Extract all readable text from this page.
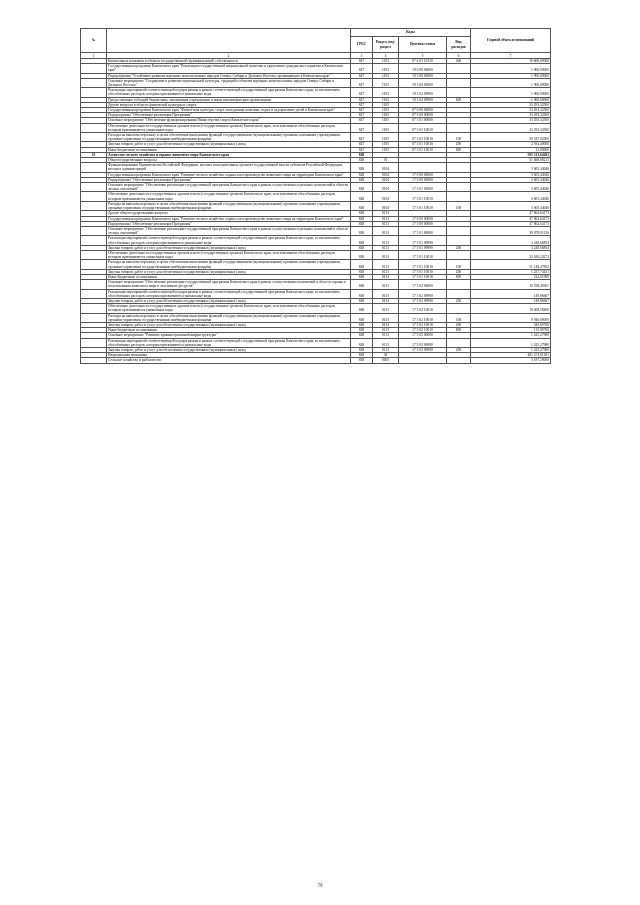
№		Коды				Годовой объем ассигнований
		ГРБС	Раздел, под-раздел	Целевая статья	Вид расходов	
1	2	3	4	5	6	7
	Капитальные вложения в объекты государственной (муниципальной) собственности	847	1103	07 4 03 10150	400	16 600,00000
	Государственная программа Камчатского края "Реализация государственной национальной политики и укрепление гражданского единства в Камчатском крае"	847	1103	19 0 00 00000		1 900,00000
	Подпрограмма "Устойчивое развитие коренных малочисленных народов Севера, Сибири и Дальнего Востока, проживающих в Камчатском крае"	847	1103	19 3 00 00000		1 900,00000
	Основное мероприятие "Сохранение и развитие национальной культуры, традиций и обычаев коренных малочисленных народов Севера, Сибири и Дальнего Востока"	847	1103	19 3 04 00000		1 900,00000
	Реализация мероприятий соответствующей подпрограммы в рамках соответствующей государственной программы Камчатского края, за исключением обособленных расходов, которым присваиваются уникальные коды	847	1103	19 3 04 09990		1 900,00000
	Предоставление субсидий бюджетным, автономным учреждениям и иным некоммерческим организациям	847	1103	19 3 04 09990	600	1 900,00000
	Другие вопросы в области физической культуры и спорта	847	1105			33 293,32500
	Государственная программа Камчатского края "Физическая культура, спорт, молодежная политика, отдых и оздоровление детей в Камчатском крае"	847	1105	07 0 00 00000		33 293,32500
	Подпрограмма "Обеспечение реализации Программы"	847	1105	07 3 00 00000		33 293,32500
	Основное мероприятие "Обеспечение функционирования Министерства спорта Камчатского края"	847	1105	07 3 01 00000		33 293,32500
	Обеспечение деятельности государственных органов власти (государственных органов) Камчатского края, за исключением обособленных расходов, которым присваиваются уникальные коды	847	1105	07 3 01 10010		33 293,32500
	Расходы на выплаты персоналу в целях обеспечения выполнения функций государственными (муниципальными) органами, казенными учреждениями, органами управления государственными внебюджетными фондами	847	1105	07 3 01 10010	100	30 337,92500
	Закупка товаров, работ и услуг для обеспечения государственных (муниципальных) нужд	847	1105	07 3 01 10010	200	2 934,40000
	Иные бюджетные ассигнования	847	1105	07 3 01 10010	800	21,00000
33	Агентство лесного хозяйства и охраны животного мира Камчатского края	848				595 313,64202
	Общегосударственные вопросы	848	01			51 468,08213
	Функционирование Правительства Российской Федерации, высших исполнительных органов государственной власти субъектов Российской Федерации, местных администраций	848	0104			3 605,44046
	Государственная программа Камчатского края "Развитие лесного хозяйства, охрана и воспроизводство животного мира на территории Камчатского края"	848	0104	17 0 00 00000		3 605,44046
	Подпрограмма "Обеспечение реализации Программы"	848	0104	17 5 00 00000		3 605,44046
	Основное мероприятие "Обеспечение реализации государственной программы Камчатского края в рамках осуществления отдельных полномочий в области лесных отношений"	848	0104	17 5 01 00000		3 605,44046
	Обеспечение деятельности государственных органов власти (государственных органов) Камчатского края, за исключением обособленных расходов, которым присваиваются уникальные коды	848	0104	17 5 01 10010		3 605,44046
	Расходы на выплаты персоналу в целях обеспечения выполнения функций государственными (муниципальными) органами, казенными учреждениями, органами управления государственными внебюджетными фондами	848	0104	17 5 01 10010	100	3 605,44046
	Другие общегосударственные вопросы	848	0113			47 862,64173
	Государственная программа Камчатского края "Развитие лесного хозяйства, охрана и воспроизводство животного мира на территории Камчатского края"	848	0113	17 0 00 00000		47 862,64173
	Подпрограмма "Обеспечение реализации Программы"	848	0113	17 5 00 00000		47 862,64173
	Основное мероприятие "Обеспечение реализации государственной программы Камчатского края в рамках осуществления отдельных полномочий в области лесных отношений"	848	0113	17 5 01 00000		38 878,91126
	Реализация мероприятий соответствующей подпрограммы в рамках соответствующей государственной программы Камчатского края, за исключением обособленных расходов, которым присваиваются уникальные коды	848	0113	17 5 01 09990		3 248,66854
	Закупка товаров, работ и услуг для обеспечения государственных (муниципальных) нужд	848	0113	17 5 01 09990	200	3 248,66854
	Обеспечение деятельности государственных органов власти (государственных органов) Камчатского края, за исключением обособленных расходов, которым присваиваются уникальные коды	848	0113	17 5 01 10010		32 630,24272
	Расходы на выплаты персоналу в целях обеспечения выполнения функций государственными (муниципальными) органами, казенными учреждениями, органами управления государственными внебюджетными фондами	848	0113	17 5 01 10010	100	31 148,47852
	Закупка товаров, работ и услуг для обеспечения государственных (муниципальных) нужд	848	0113	17 5 01 10010	200	1 257,74431
	Иные бюджетные ассигнования	848	0113	17 5 01 10010	800	224,01989
	Основное мероприятие "Обеспечение реализации государственной программы Камчатского края в рамках осуществления полномочий в области охраны и использования животного мира и охотничьих ресурсов"	848	0113	17 5 02 00000		10 558,45067
	Реализация мероприятий соответствующей подпрограммы в рамках соответствующей государственной программы Камчатского края, за исключением обособленных расходов, которым присваиваются уникальные коды	848	0113	17 5 02 09990		149,86667
	Закупка товаров, работ и услуг для обеспечения государственных (муниципальных) нужд	848	0113	17 5 02 09990	200	149,86667
	Обеспечение деятельности государственных органов власти (государственных органов) Камчатского края, за исключением обособленных расходов, которым присваиваются уникальные коды	848	0113	17 5 02 10010		10 408,58400
	Расходы на выплаты персоналу в целях обеспечения выполнения функций государственными (муниципальными) органами, казенными учреждениями, органами управления государственными внебюджетными фондами	848	0113	17 5 02 10010	100	9 946,90000
	Закупка товаров, работ и услуг для обеспечения государственных (муниципальных) нужд	848	0113	17 5 02 10010	200	345,69700
	Иные бюджетные ассигнования	848	0113	17 5 02 10010	800	115,98700
	Основное мероприятие "Развитие административной инфраструктуры"	848	0113	17 5 03 00000		1 425,27980
	Реализация мероприятий соответствующей подпрограммы в рамках соответствующей государственной программы Камчатского края, за исключением обособленных расходов, которым присваиваются уникальные коды	848	0113	17 5 03 09990		1 425,27980
	Закупка товаров, работ и услуг для обеспечения государственных (муниципальных) нужд	848	0113	17 5 03 09990	200	1 425,27980
	Национальная экономика	848	04			481 474,01381
	Сельское хозяйство и рыболовство	848	0405			3 187,20000
79
